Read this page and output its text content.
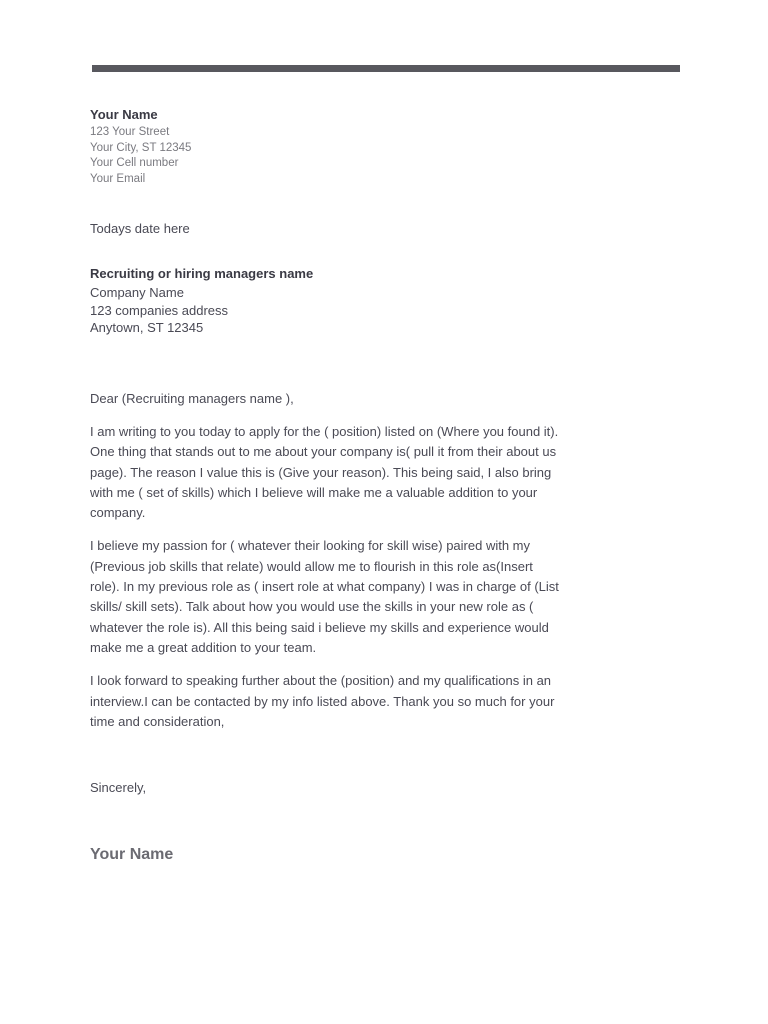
Your Name
123 Your Street
Your City, ST 12345
Your Cell number
Your Email
Todays date here
Recruiting or hiring managers name
Company Name
123 companies address
Anytown, ST 12345
Dear (Recruiting managers name ),

I am writing to you today to apply for the ( position) listed on (Where you found it). One thing that stands out to me about your company is( pull it from their about us page). The reason I value this is (Give your reason). This being said, I also bring with me ( set of skills) which I believe will make me a valuable addition to your company.

I believe my passion for ( whatever their looking for skill wise) paired with my (Previous job skills that relate) would allow me to flourish in this role as(Insert role). In my previous role as ( insert role at what company) I was in charge of (List skills/ skill sets). Talk about how you would use the skills in your new role as ( whatever the role is). All this being said i believe my skills and experience would make me a great addition to your team.

I look forward to speaking further about the (position) and my qualifications in an interview.I can be contacted by my info listed above. Thank you so much for your time and consideration,

Sincerely,
Your Name
